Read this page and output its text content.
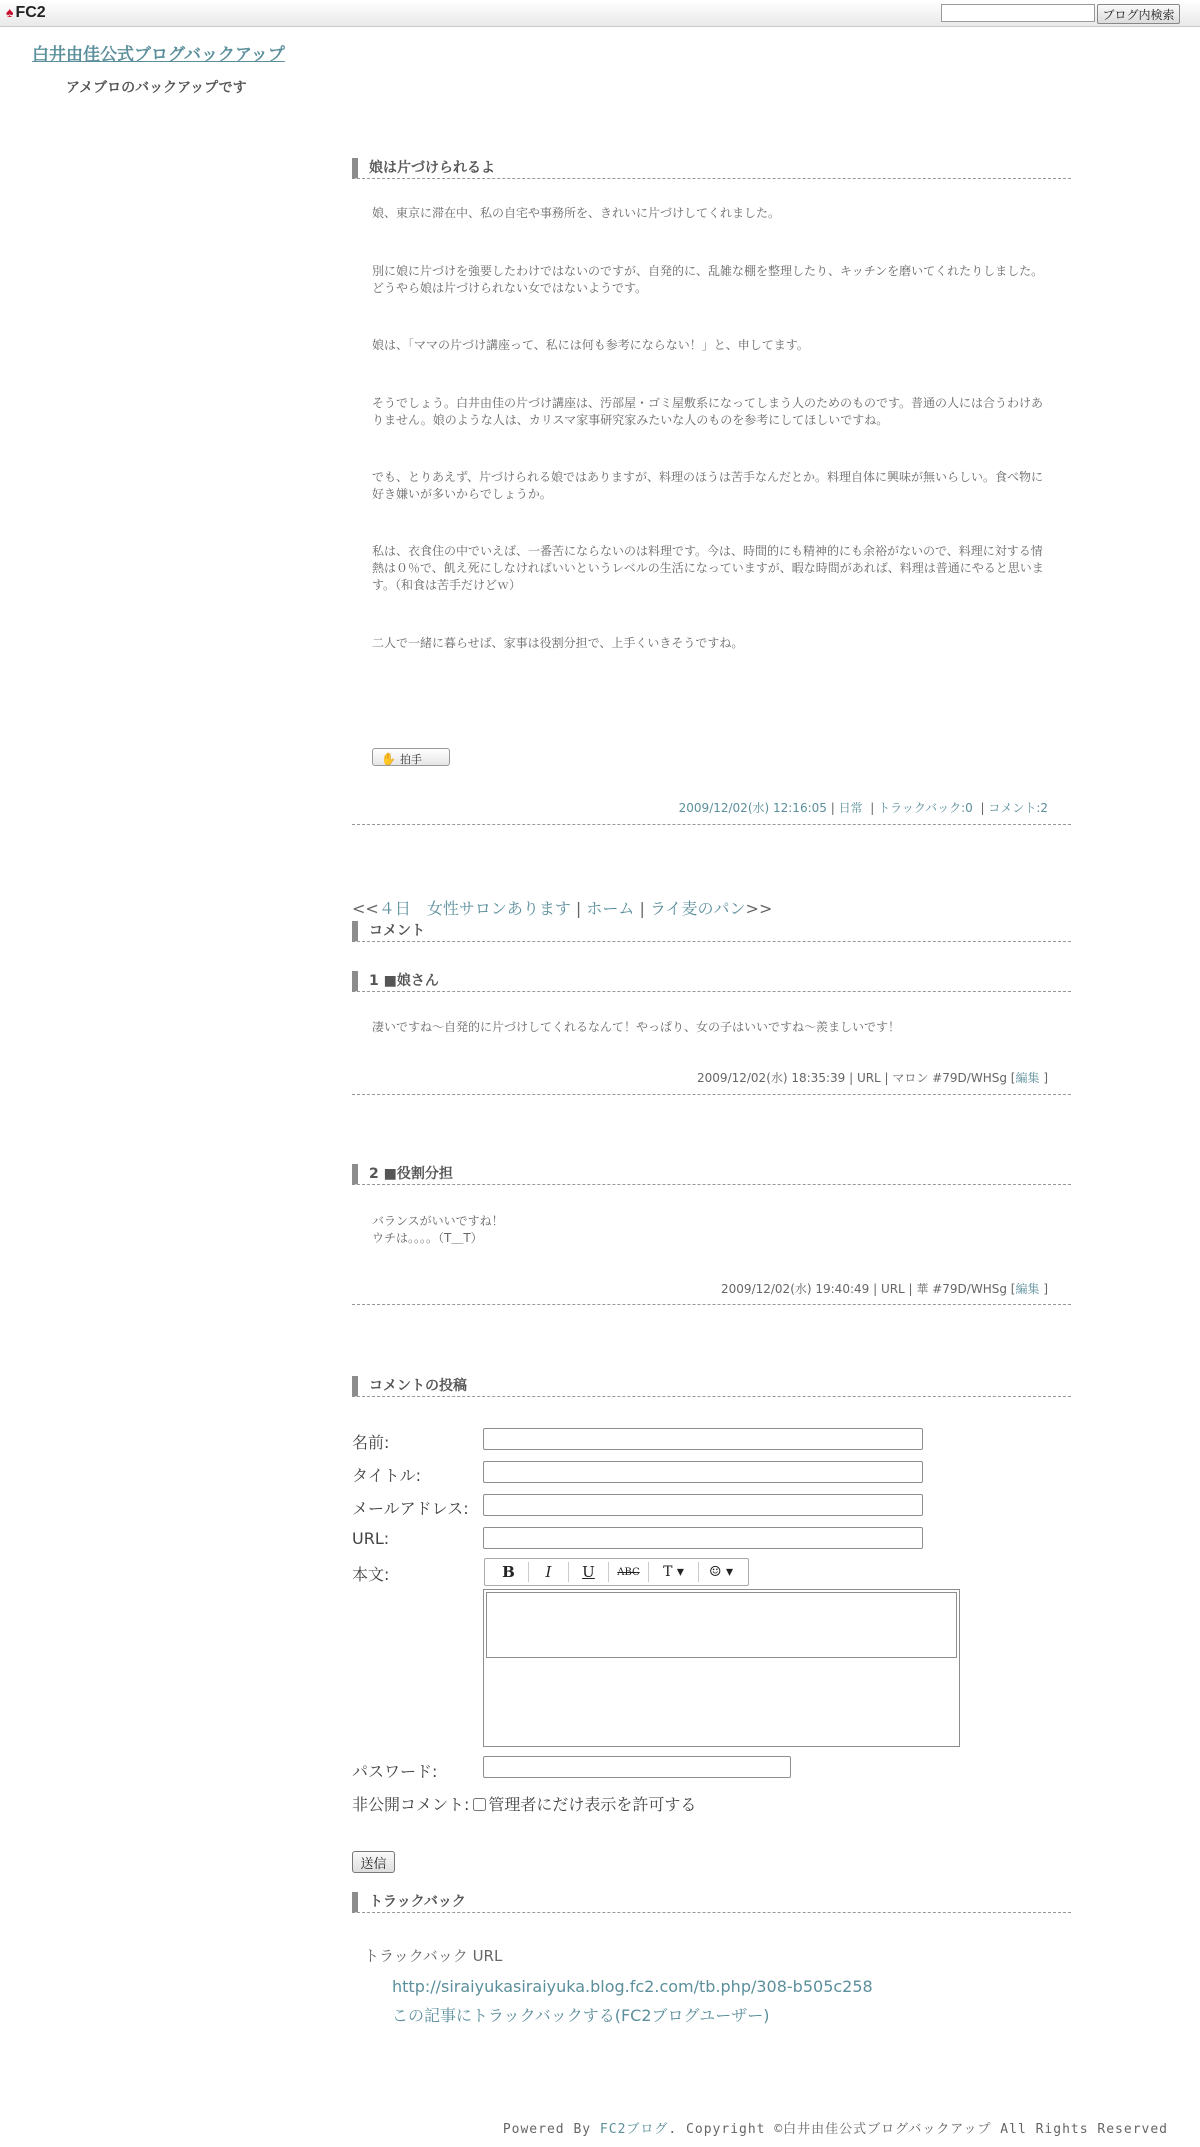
♠ FC2	ブログ内検索
白井由佳公式ブログバックアップ
アメブロのバックアップです
娘は片づけられるよ

娘、東京に滞在中、私の自宅や事務所を、きれいに片づけしてくれました。

別に娘に片づけを強要したわけではないのですが、自発的に、乱雑な棚を整理したり、キッチンを磨いてくれたりしました。どうやら娘は片づけられない女ではないようです。

娘は、「ママの片づけ講座って、私には何も参考にならない！」と、申してます。

そうでしょう。白井由佳の片づけ講座は、汚部屋・ゴミ屋敷系になってしまう人のためのものです。普通の人には合うわけありません。娘のような人は、カリスマ家事研究家みたいな人のものを参考にしてほしいですね。

でも、とりあえず、片づけられる娘ではありますが、料理のほうは苦手なんだとか。料理自体に興味が無いらしい。食べ物に好き嫌いが多いからでしょうか。

私は、衣食住の中でいえば、一番苦にならないのは料理です。今は、時間的にも精神的にも余裕がないので、料理に対する情熱は０％で、飢え死にしなければいいというレベルの生活になっていますが、暇な時間があれば、料理は普通にやると思います。（和食は苦手だけどｗ）

二人で一緒に暮らせば、家事は役割分担で、上手くいきそうですね。

✋ 拍手
2009/12/02(水) 12:16:05 | 日常  | トラックバック:0  | コメント:2
<<４日　女性サロンあります | ホーム | ライ麦のパン>>
コメント
1 ■娘さん

凄いですね〜自発的に片づけしてくれるなんて！やっぱり、女の子はいいですね〜羨ましいです！

2009/12/02(水) 18:35:39 | URL | マロン #79D/WHSg [編集 ]
2 ■役割分担

バランスがいいですね！

ウチは。。。。（T＿T）

2009/12/02(水) 19:40:49 | URL | 華 #79D/WHSg [編集 ]
コメントの投稿
名前:
タイトル:
メールアドレス:
URL:
本文:	B I U ABC T ▾ ☺ ▾
パスワード:
非公開コメント: 管理者にだけ表示を許可する
送信
トラックバック
トラックバック URL
http://siraiyukasiraiyuka.blog.fc2.com/tb.php/308-b505c258
この記事にトラックバックする(FC2ブログユーザー)
Powered By FC2ブログ. Copyright ©白井由佳公式ブログバックアップ All Rights Reserved
